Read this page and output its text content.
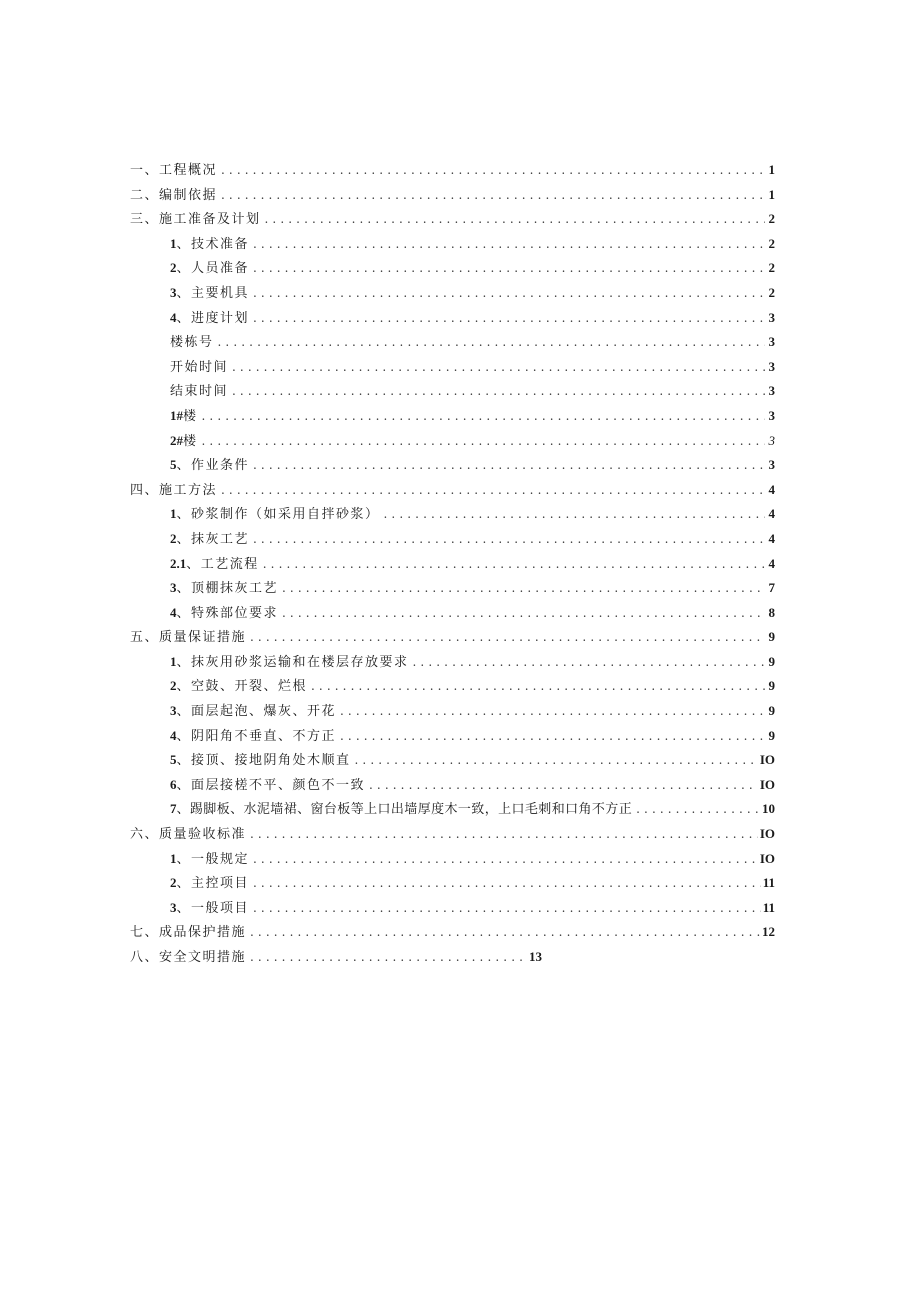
一、工程概况 .....	1
二、编制依据 .....	1
三、施工准备及计划 .....	2
1 、技术准备 .....	2
2 、人员准备 .....	2
3 、主要机具 .....	2
4 、进度计划 .....	3
楼栋号 .....	3
开始时间 .....	3
结束时间 .....	3
1# 楼 .....	3
2# 楼 .....	3
5 、作业条件 .....	3
四、施工方法 .....	4
1 、砂浆制作（如采用自拌砂浆） .....	4
2 、抹灰工艺 .....	4
2.1 、工艺流程 .....	4
3 、顶棚抹灰工艺 .....	7
4 、特殊部位要求 .....	8
五、质量保证措施 .....	9
1 、抹灰用砂浆运输和在楼层存放要求 .....	9
2 、空鼓、开裂、烂根 .....	9
3 、面层起泡、爆灰、开花 .....	9
4 、阴阳角不垂直、不方正 .....	9
5 、接顶、接地阴角处木顺直 .....	IO
6 、面层接槎不平、颜色不一致 .....	IO
7 、踢脚板、水泥墙裙、窗台板等上口出墙厚度木一致，上口毛刺和口角不方正 .....	10
六、质量验收标准 .....	IO
1 、一般规定 .....	IO
2 、主控项目 .....	11
3 、一般项目 .....	11
七、成品保护措施 .....	12
八、安全文明措施 .....	13
